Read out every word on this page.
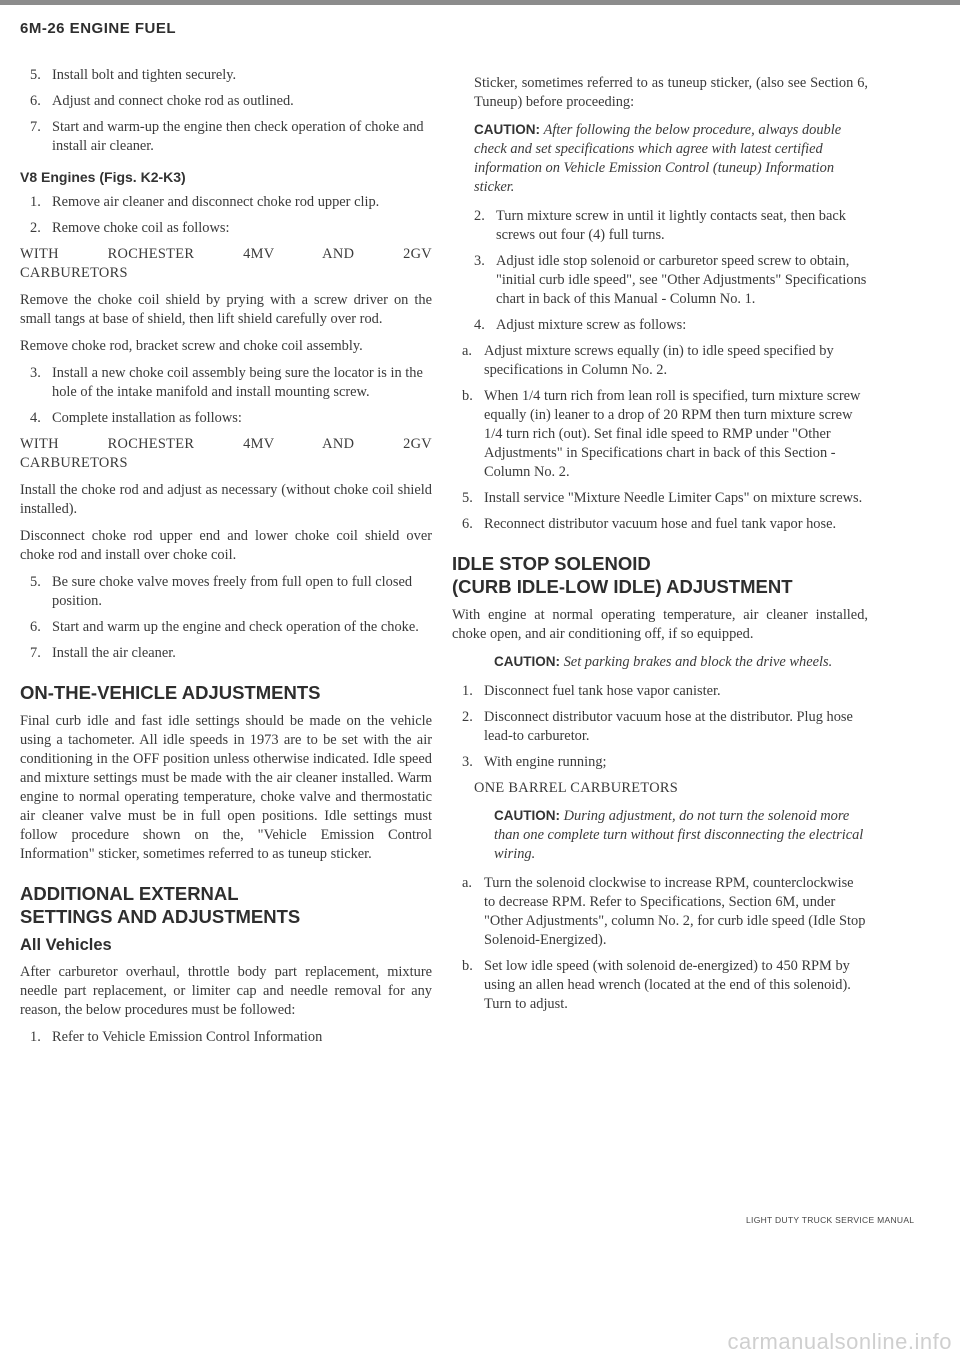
6M-26 ENGINE FUEL
5. Install bolt and tighten securely.
6. Adjust and connect choke rod as outlined.
7. Start and warm-up the engine then check operation of choke and install air cleaner.
V8 Engines (Figs. K2-K3)
1. Remove air cleaner and disconnect choke rod upper clip.
2. Remove choke coil as follows:

WITH ROCHESTER 4MV AND 2GV CARBURETORS

Remove the choke coil shield by prying with a screw driver on the small tangs at base of shield, then lift shield carefully over rod.

Remove choke rod, bracket screw and choke coil assembly.

3. Install a new choke coil assembly being sure the locator is in the hole of the intake manifold and install mounting screw.
4. Complete installation as follows:

WITH ROCHESTER 4MV AND 2GV CARBURETORS

Install the choke rod and adjust as necessary (without choke coil shield installed).

Disconnect choke rod upper end and lower choke coil shield over choke rod and install over choke coil.

5. Be sure choke valve moves freely from full open to full closed position.
6. Start and warm up the engine and check operation of the choke.
7. Install the air cleaner.
ON-THE-VEHICLE ADJUSTMENTS

Final curb idle and fast idle settings should be made on the vehicle using a tachometer. All idle speeds in 1973 are to be set with the air conditioning in the OFF position unless otherwise indicated. Idle speed and mixture settings must be made with the air cleaner installed. Warm engine to normal operating temperature, choke valve and thermostatic air cleaner valve must be in full open positions. Idle settings must follow procedure shown on the, "Vehicle Emission Control Information" sticker, sometimes referred to as tuneup sticker.

ADDITIONAL EXTERNAL
SETTINGS AND ADJUSTMENTS
All Vehicles

After carburetor overhaul, throttle body part replacement, mixture needle part replacement, or limiter cap and needle removal for any reason, the below procedures must be followed:

1. Refer to Vehicle Emission Control Information

Sticker, sometimes referred to as tuneup sticker, (also see Section 6, Tuneup) before proceeding:

CAUTION: After following the below procedure, always double check and set specifications which agree with latest certified information on Vehicle Emission Control (tuneup) Information sticker.
2. Turn mixture screw in until it lightly contacts seat, then back screws out four (4) full turns.
3. Adjust idle stop solenoid or carburetor speed screw to obtain, "initial curb idle speed", see "Other Adjustments" Specifications chart in back of this Manual - Column No. 1.
4. Adjust mixture screw as follows:
a. Adjust mixture screws equally (in) to idle speed specified by specifications in Column No. 2.
b. When 1/4 turn rich from lean roll is specified, turn mixture screw equally (in) leaner to a drop of 20 RPM then turn mixture screw 1/4 turn rich (out). Set final idle speed to RMP under "Other Adjustments" in Specifications chart in back of this Section - Column No. 2.
5. Install service "Mixture Needle Limiter Caps" on mixture screws.
6. Reconnect distributor vacuum hose and fuel tank vapor hose.
IDLE STOP SOLENOID
(CURB IDLE-LOW IDLE) ADJUSTMENT

With engine at normal operating temperature, air cleaner installed, choke open, and air conditioning off, if so equipped.

CAUTION: Set parking brakes and block the drive wheels.
1. Disconnect fuel tank hose vapor canister.
2. Disconnect distributor vacuum hose at the distributor. Plug hose lead-to carburetor.
3. With engine running;

ONE BARREL CARBURETORS

CAUTION: During adjustment, do not turn the solenoid more than one complete turn without first disconnecting the electrical wiring.
a. Turn the solenoid clockwise to increase RPM, counterclockwise to decrease RPM. Refer to Specifications, Section 6M, under "Other Adjustments", column No. 2, for curb idle speed (Idle Stop Solenoid-Energized).
b. Set low idle speed (with solenoid de-energized) to 450 RPM by using an allen head wrench (located at the end of this solenoid). Turn to adjust.
LIGHT DUTY TRUCK SERVICE MANUAL
carmanualsonline.info
